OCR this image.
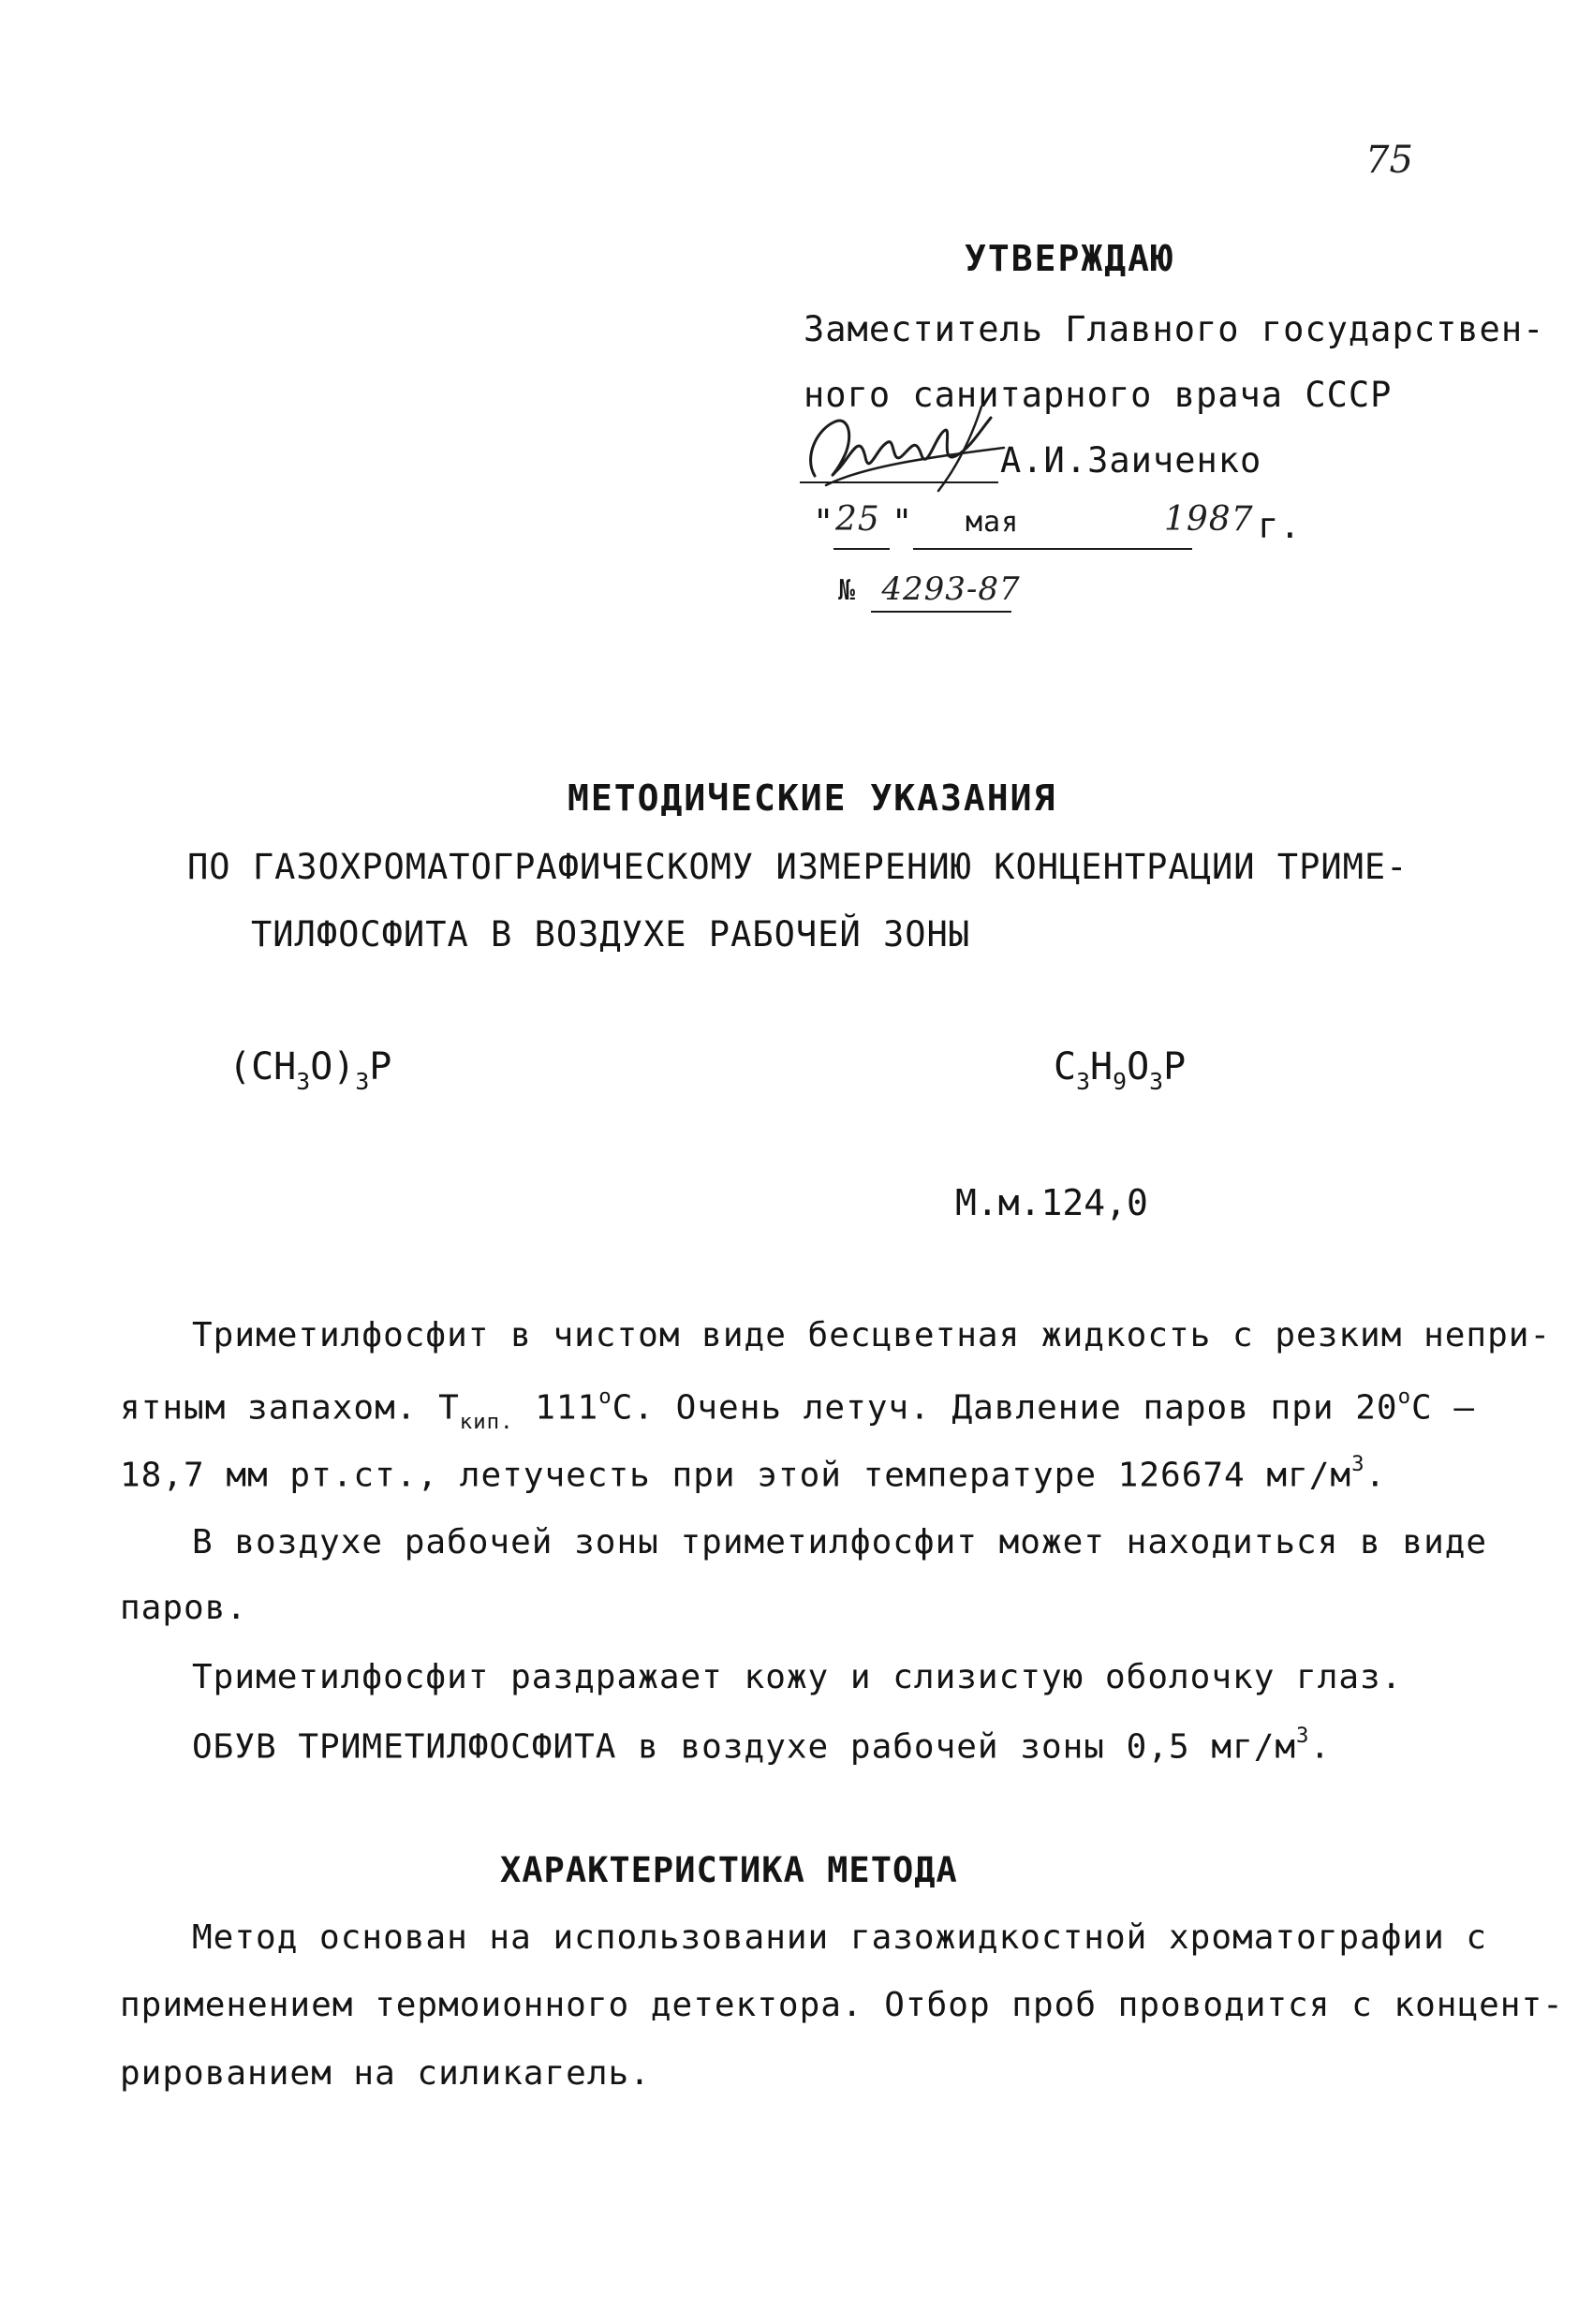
75
УТВЕРЖДАЮ
Заместитель Главного государствен-
ного санитарного врача СССР
А.И.Заиченко
" 25 " мая	1987 г.
№ 4293-87
МЕТОДИЧЕСКИЕ УКАЗАНИЯ
ПО ГАЗОХРОМАТОГРАФИЧЕСКОМУ ИЗМЕРЕНИЮ КОНЦЕНТРАЦИИ ТРИМЕ-
ТИЛФОСФИТА В ВОЗДУХЕ РАБОЧЕЙ ЗОНЫ
$(CH_3O)_3P$	$C_3H_9O_3P$
М.м.124,0
Триметилфосфит в чистом виде бесцветная жидкость с резким непри-
ятным запахом. $Т_{кип.}$ $111^оС$. Очень летуч. Давление паров при $20^оС$ –
18,7 мм рт.ст., летучесть при этой температуре 126674 $мг/м^3$.
В воздухе рабочей зоны триметилфосфит может находиться в виде
паров.
Триметилфосфит раздражает кожу и слизистую оболочку глаз.
ОБУВ ТРИМЕТИЛФОСФИТА в воздухе рабочей зоны 0,5 $мг/м^3$.
ХАРАКТЕРИСТИКА МЕТОДА
Метод основан на использовании газожидкостной хроматографии с
применением термоионного детектора. Отбор проб проводится с концент-
рированием на силикагель.
